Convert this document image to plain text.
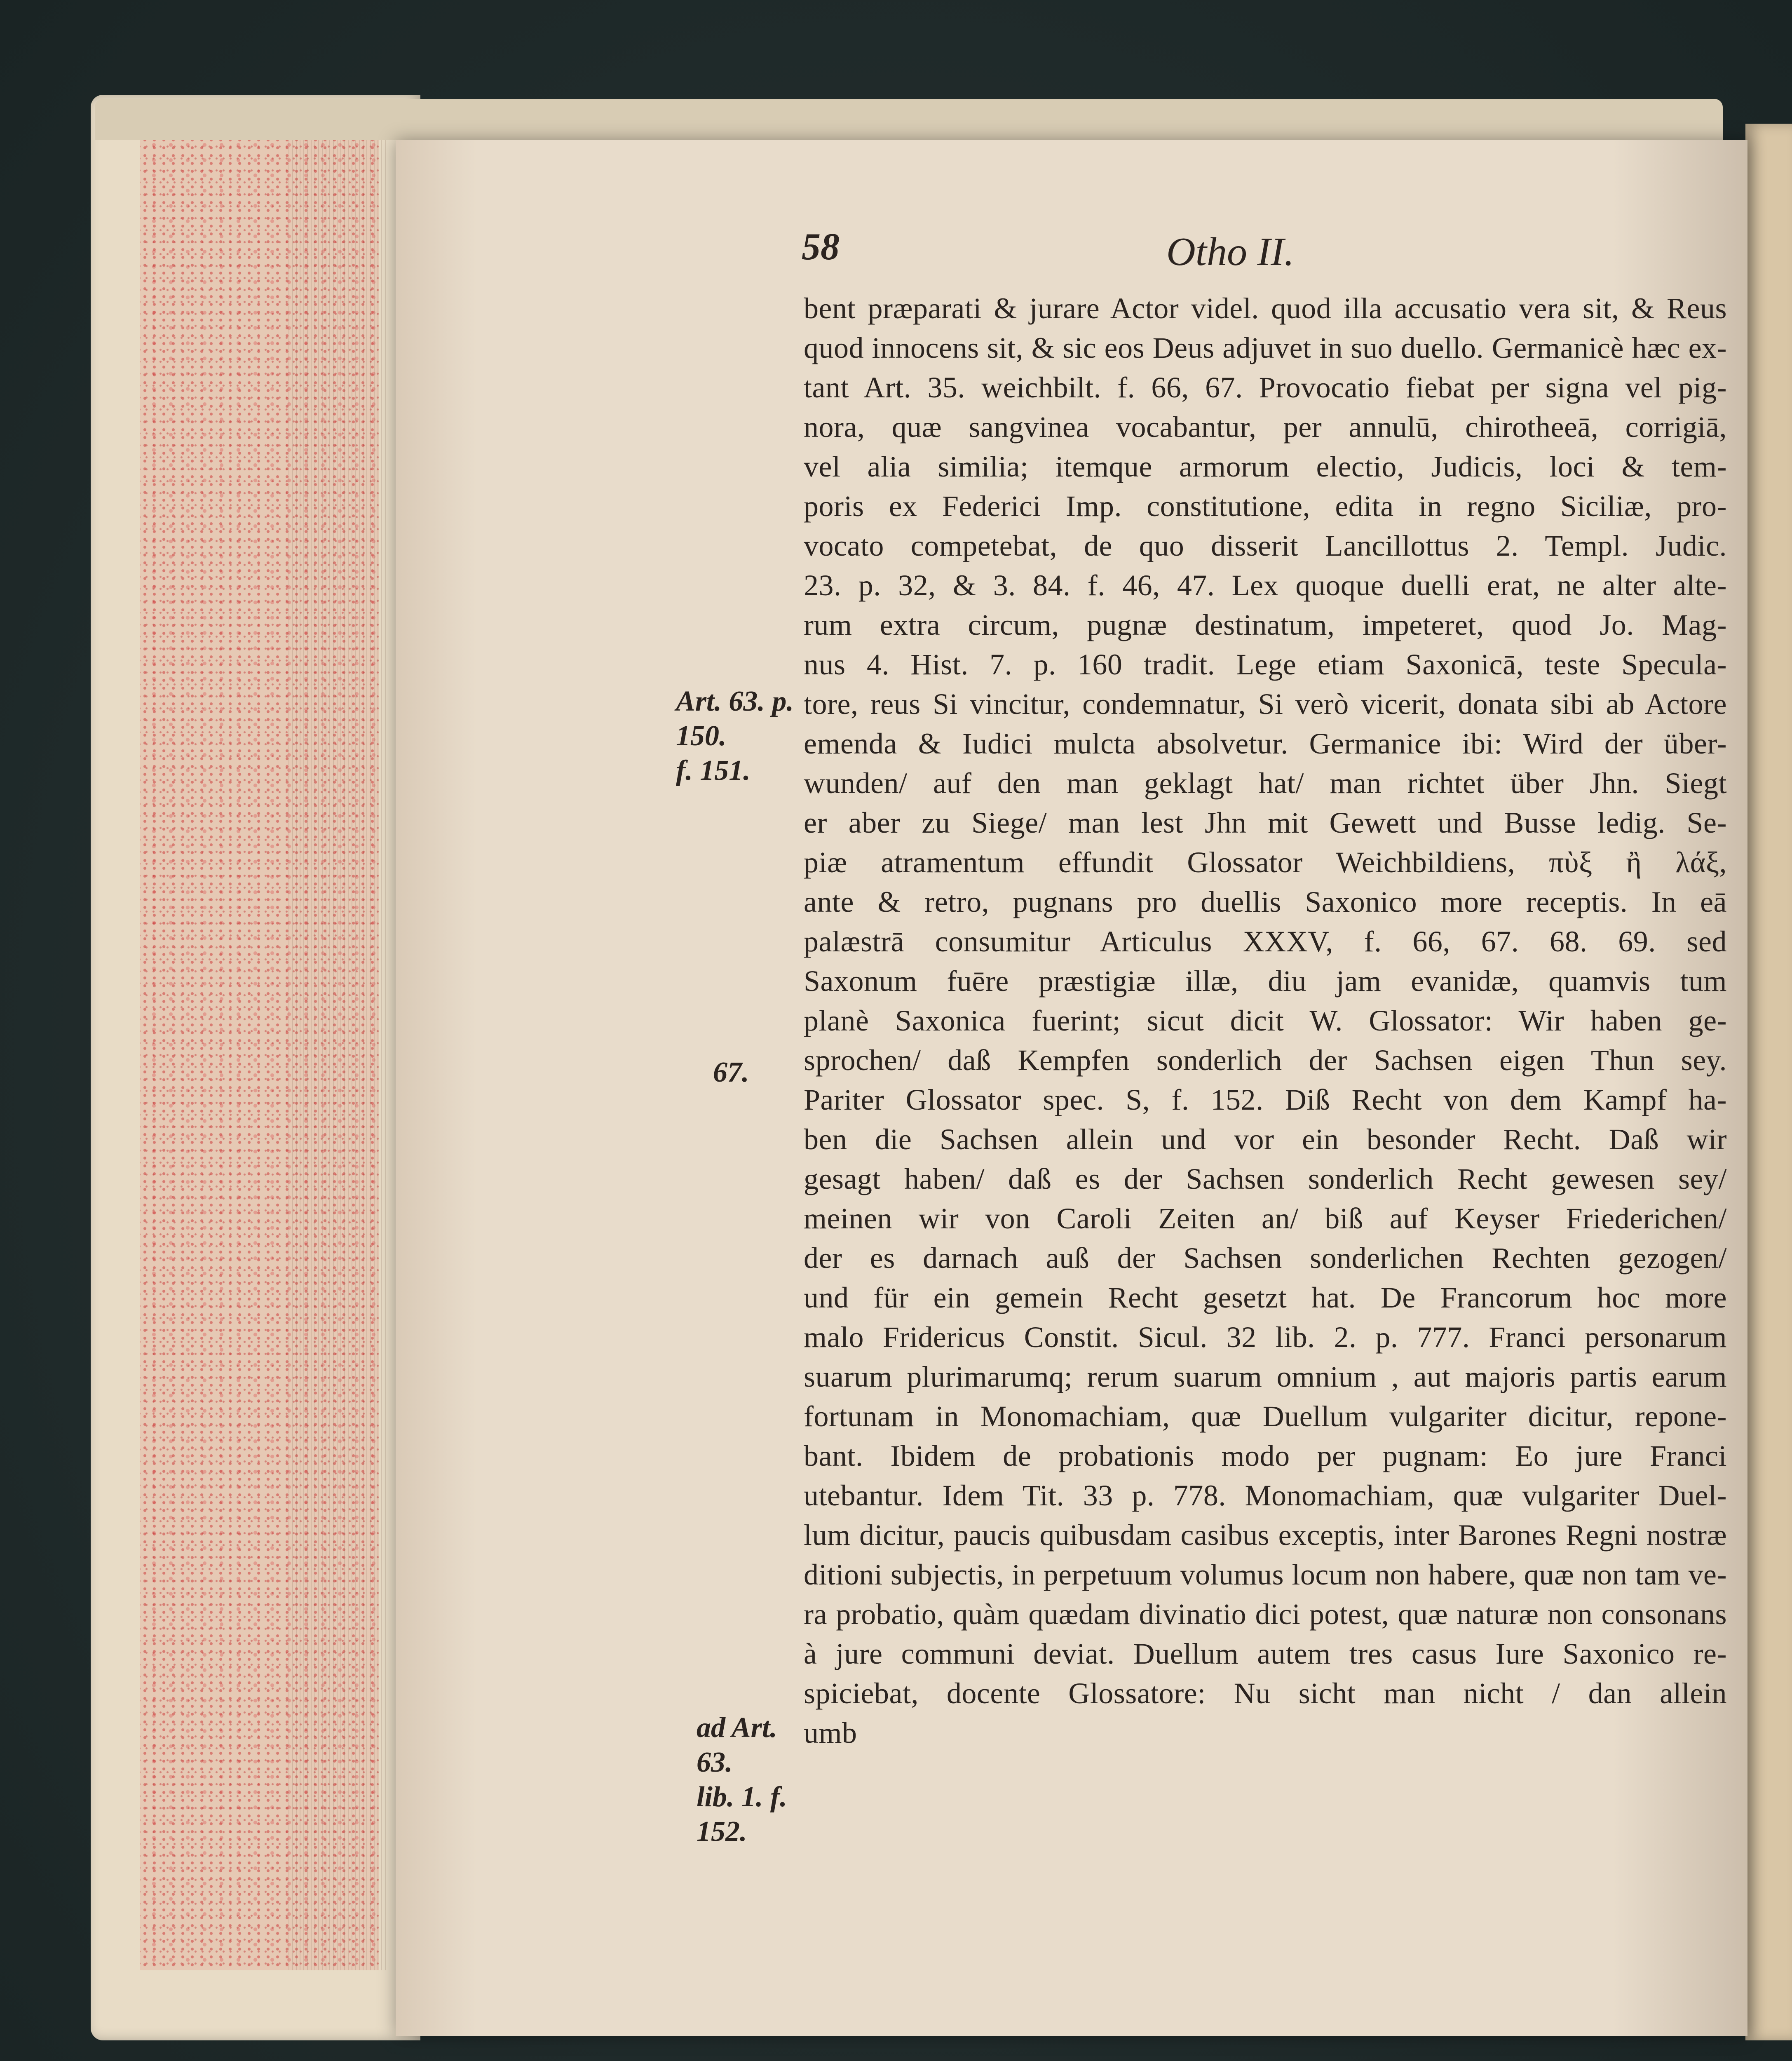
58	Otho II.
Art. 63. p.
150.
f. 151.
67.
ad Art. 63.
lib. 1. f. 152.
bent præparati & jurare Actor videl. quod illa accusatio vera sit, & Reus
quod innocens sit, & sic eos Deus adjuvet in suo duello. Germanicè hæc ex-
tant Art. 35. weichbilt. f. 66, 67. Provocatio fiebat per signa vel pig-
nora, quæ sangvinea vocabantur, per annulū, chirotheeā, corrigiā,
vel alia similia; itemque armorum electio, Judicis, loci & tem-
poris ex Federici Imp. constitutione, edita in regno Siciliæ, pro-
vocato competebat, de quo disserit Lancillottus 2. Templ. Judic.
23. p. 32, & 3. 84. f. 46, 47. Lex quoque duelli erat, ne alter alte-
rum extra circum, pugnæ destinatum, impeteret, quod Jo. Mag-
nus 4. Hist. 7. p. 160 tradit. Lege etiam Saxonicā, teste Specula-
tore, reus Si vincitur, condemnatur, Si verò vicerit, donata sibi ab Actore
emenda & Iudici mulcta absolvetur. Germanice ibi: Wird der über-
wunden/ auf den man geklagt hat/ man richtet über Jhn. Siegt
er aber zu Siege/ man lest Jhn mit Gewett und Busse ledig. Se-
piæ atramentum effundit Glossator Weichbildiens, πὺξ ἢ λάξ,
ante & retro, pugnans pro duellis Saxonico more receptis. In eā
palæstrā consumitur Articulus XXXV, f. 66, 67. 68. 69. sed
Saxonum fuēre præstigiæ illæ, diu jam evanidæ, quamvis tum
planè Saxonica fuerint; sicut dicit W. Glossator: Wir haben ge-
sprochen/ daß Kempfen sonderlich der Sachsen eigen Thun sey.
Pariter Glossator spec. S, f. 152. Diß Recht von dem Kampf ha-
ben die Sachsen allein und vor ein besonder Recht. Daß wir
gesagt haben/ daß es der Sachsen sonderlich Recht gewesen sey/
meinen wir von Caroli Zeiten an/ biß auf Keyser Friederichen/
der es darnach auß der Sachsen sonderlichen Rechten gezogen/
und für ein gemein Recht gesetzt hat. De Francorum hoc more
malo Fridericus Constit. Sicul. 32 lib. 2. p. 777. Franci personarum
suarum plurimarumq; rerum suarum omnium , aut majoris partis earum
fortunam in Monomachiam, quæ Duellum vulgariter dicitur, repone-
bant. Ibidem de probationis modo per pugnam: Eo jure Franci
utebantur. Idem Tit. 33 p. 778. Monomachiam, quæ vulgariter Duel-
lum dicitur, paucis quibusdam casibus exceptis, inter Barones Regni nostræ
ditioni subjectis, in perpetuum volumus locum non habere, quæ non tam ve-
ra probatio, quàm quædam divinatio dici potest, quæ naturæ non consonans
à jure communi deviat. Duellum autem tres casus Iure Saxonico re-
spiciebat, docente Glossatore: Nu sicht man nicht / dan allein
umb
